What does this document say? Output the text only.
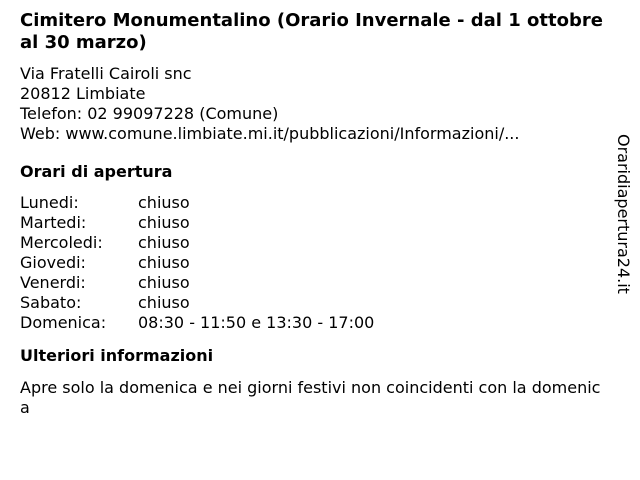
Cimitero Monumentalino (Orario Invernale - dal 1 ottobre al 30 marzo)
Via Fratelli Cairoli snc
20812 Limbiate
Telefon: 02 99097228 (Comune)
Web: www.comune.limbiate.mi.it/pubblicazioni/Informazioni/...
Orari di apertura
Lunedi:	chiuso
Martedi:	chiuso
Mercoledi:	chiuso
Giovedi:	chiuso
Venerdi:	chiuso
Sabato:	chiuso
Domenica:	08:30 - 11:50 e 13:30 - 17:00
Ulteriori informazioni
Apre solo la domenica e nei giorni festivi non coincidenti con la domenica
Oraridiapertura24.it
